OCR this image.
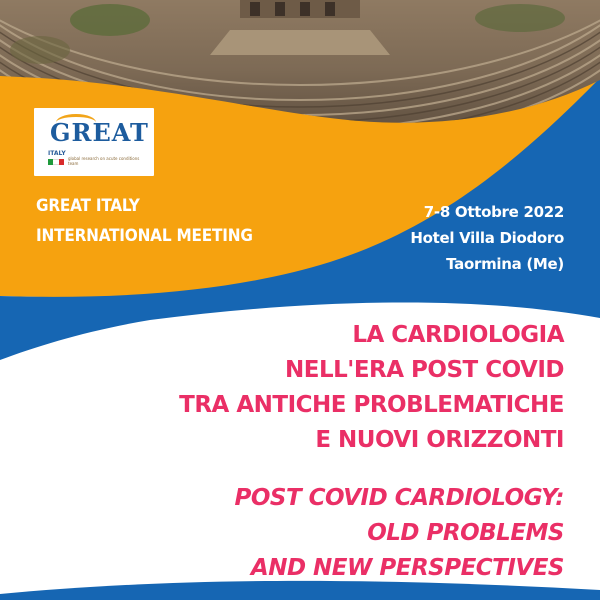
GREAT
ITALY
global research on acute conditions team
GREAT ITALY
INTERNATIONAL MEETING
7-8 Ottobre 2022
Hotel Villa Diodoro
Taormina (Me)
LA CARDIOLOGIA
NELL'ERA POST COVID
TRA ANTICHE PROBLEMATICHE
E NUOVI ORIZZONTI
POST COVID CARDIOLOGY:
OLD PROBLEMS
AND NEW PERSPECTIVES
